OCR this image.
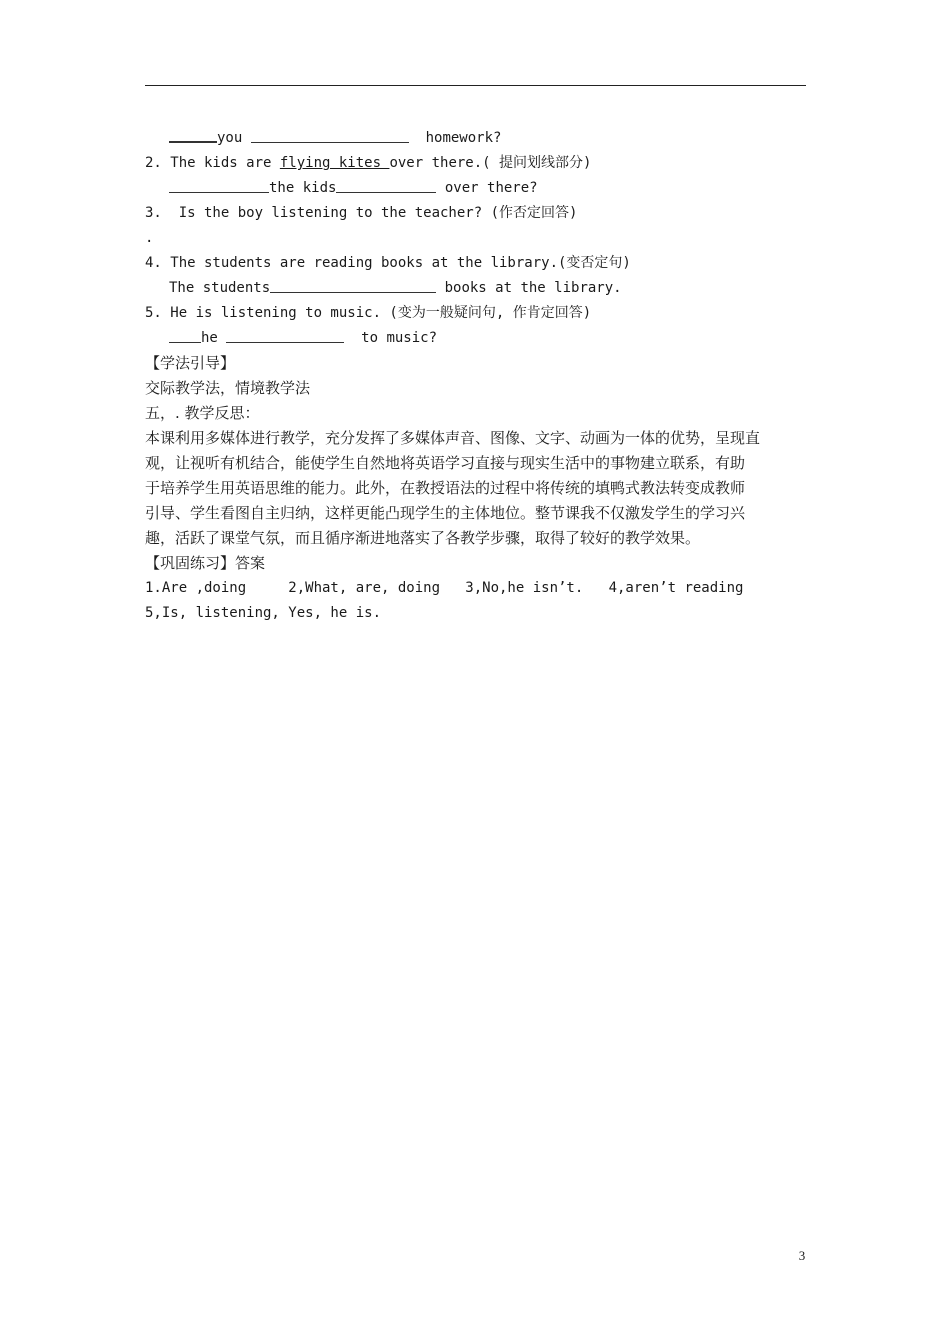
you	homework?
2. The kids are flying kites over there.( 提问划线部分)
the kids	over there?
3.  Is the boy listening to the teacher? (作否定回答)
.
4. The students are reading books at the library.(变否定句)
The students	books at the library.
5. He is listening to music. (变为一般疑问句, 作肯定回答)
he	to music?
【学法引导】
交际教学法，情境教学法
五，. 教学反思：
本课利用多媒体进行教学，充分发挥了多媒体声音、图像、文字、动画为一体的优势，呈现直
观，让视听有机结合，能使学生自然地将英语学习直接与现实生活中的事物建立联系，有助
于培养学生用英语思维的能力。此外，在教授语法的过程中将传统的填鸭式教法转变成教师
引导、学生看图自主归纳，这样更能凸现学生的主体地位。整节课我不仅激发学生的学习兴
趣，活跃了课堂气氛，而且循序渐进地落实了各教学步骤，取得了较好的教学效果。
【巩固练习】答案
1.Are ,doing     2,What, are, doing   3,No,he isn’t.   4,aren’t reading
5,Is, listening, Yes, he is.
3
